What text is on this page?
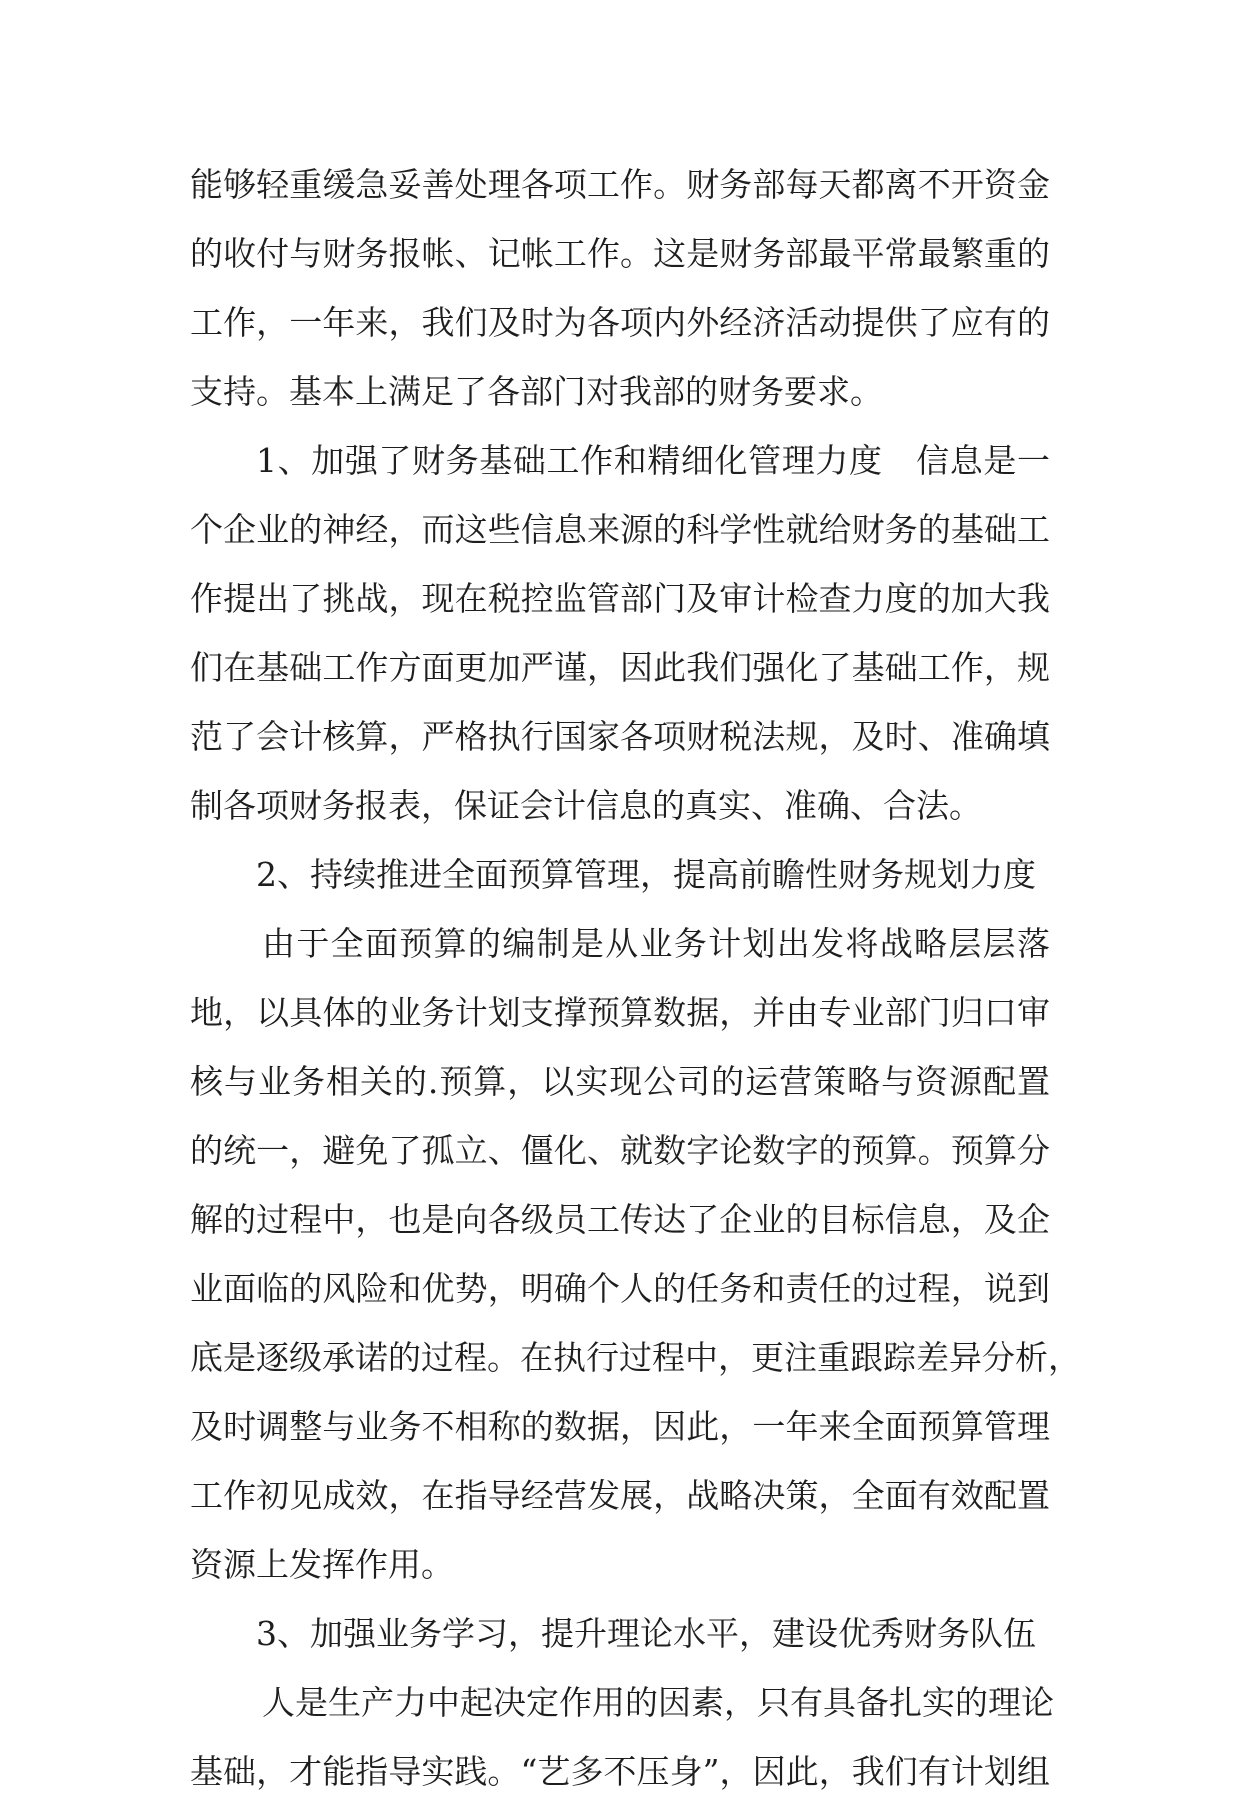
能够轻重缓急妥善处理各项工作。财务部每天都离不开资金
的收付与财务报帐、记帐工作。这是财务部最平常最繁重的
工作，一年来，我们及时为各项内外经济活动提供了应有的
支持。基本上满足了各部门对我部的财务要求。
1、加强了财务基础工作和精细化管理力度　信息是一
个企业的神经，而这些信息来源的科学性就给财务的基础工
作提出了挑战，现在税控监管部门及审计检查力度的加大我
们在基础工作方面更加严谨，因此我们强化了基础工作，规
范了会计核算，严格执行国家各项财税法规，及时、准确填
制各项财务报表，保证会计信息的真实、准确、合法。
2、持续推进全面预算管理，提高前瞻性财务规划力度
由于全面预算的编制是从业务计划出发将战略层层落
地，以具体的业务计划支撑预算数据，并由专业部门归口审
核与业务相关的.预算，以实现公司的运营策略与资源配置
的统一，避免了孤立、僵化、就数字论数字的预算。预算分
解的过程中，也是向各级员工传达了企业的目标信息，及企
业面临的风险和优势，明确个人的任务和责任的过程，说到
底是逐级承诺的过程。在执行过程中，更注重跟踪差异分析，
及时调整与业务不相称的数据，因此，一年来全面预算管理
工作初见成效，在指导经营发展，战略决策，全面有效配置
资源上发挥作用。
3、加强业务学习，提升理论水平，建设优秀财务队伍
人是生产力中起决定作用的因素，只有具备扎实的理论
基础，才能指导实践。“艺多不压身”，因此，我们有计划组
